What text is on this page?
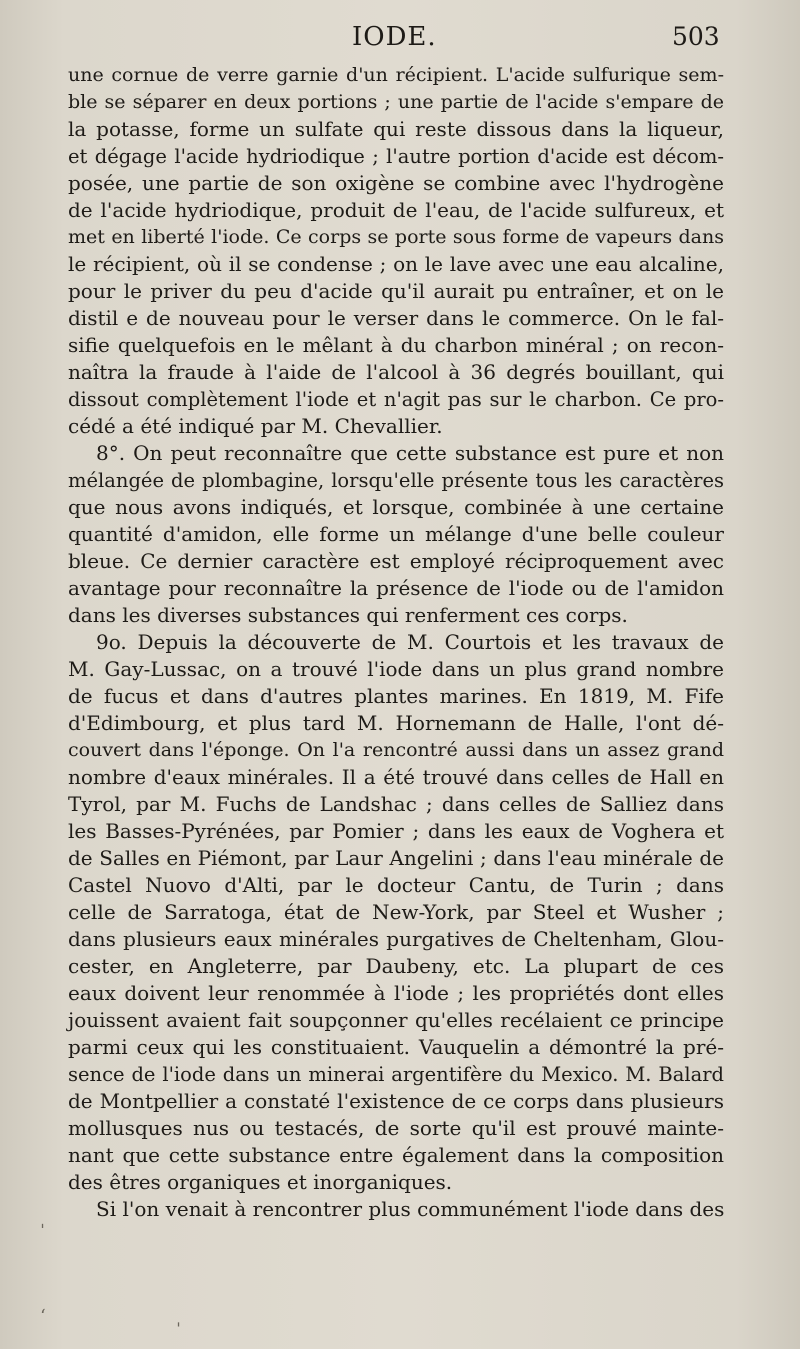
IODE.	503
une cornue de verre garnie d'un récipient. L'acide sulfurique sem-
ble se séparer en deux portions ; une partie de l'acide s'empare de
la potasse, forme un sulfate qui reste dissous dans la liqueur,
et dégage l'acide hydriodique ; l'autre portion d'acide est décom-
posée, une partie de son oxigène se combine avec l'hydrogène
de l'acide hydriodique, produit de l'eau, de l'acide sulfureux, et
met en liberté l'iode. Ce corps se porte sous forme de vapeurs dans
le récipient, où il se condense ; on le lave avec une eau alcaline,
pour le priver du peu d'acide qu'il aurait pu entraîner, et on le
distil e de nouveau pour le verser dans le commerce. On le fal-
sifie quelquefois en le mêlant à du charbon minéral ; on recon-
naîtra la fraude à l'aide de l'alcool à 36 degrés bouillant, qui
dissout complètement l'iode et n'agit pas sur le charbon. Ce pro-
cédé a été indiqué par M. Chevallier.
8°. On peut reconnaître que cette substance est pure et non
mélangée de plombagine, lorsqu'elle présente tous les caractères
que nous avons indiqués, et lorsque, combinée à une certaine
quantité d'amidon, elle forme un mélange d'une belle couleur
bleue. Ce dernier caractère est employé réciproquement avec
avantage pour reconnaître la présence de l'iode ou de l'amidon
dans les diverses substances qui renferment ces corps.
9o. Depuis la découverte de M. Courtois et les travaux de
M. Gay-Lussac, on a trouvé l'iode dans un plus grand nombre
de fucus et dans d'autres plantes marines. En 1819, M. Fife
d'Edimbourg, et plus tard M. Hornemann de Halle, l'ont dé-
couvert dans l'éponge. On l'a rencontré aussi dans un assez grand
nombre d'eaux minérales. Il a été trouvé dans celles de Hall en
Tyrol, par M. Fuchs de Landshac ; dans celles de Salliez dans
les Basses-Pyrénées, par Pomier ; dans les eaux de Voghera et
de Salles en Piémont, par Laur Angelini ; dans l'eau minérale de
Castel Nuovo d'Alti, par le docteur Cantu, de Turin ; dans
celle de Sarratoga, état de New-York, par Steel et Wusher ;
dans plusieurs eaux minérales purgatives de Cheltenham, Glou-
cester, en Angleterre, par Daubeny, etc. La plupart de ces
eaux doivent leur renommée à l'iode ; les propriétés dont elles
jouissent avaient fait soupçonner qu'elles recélaient ce principe
parmi ceux qui les constituaient. Vauquelin a démontré la pré-
sence de l'iode dans un minerai argentifère du Mexico. M. Balard
de Montpellier a constaté l'existence de ce corps dans plusieurs
mollusques nus ou testacés, de sorte qu'il est prouvé mainte-
nant que cette substance entre également dans la composition
des êtres organiques et inorganiques.
Si l'on venait à rencontrer plus communément l'iode dans des
ʻ
ˈ
ˌ
